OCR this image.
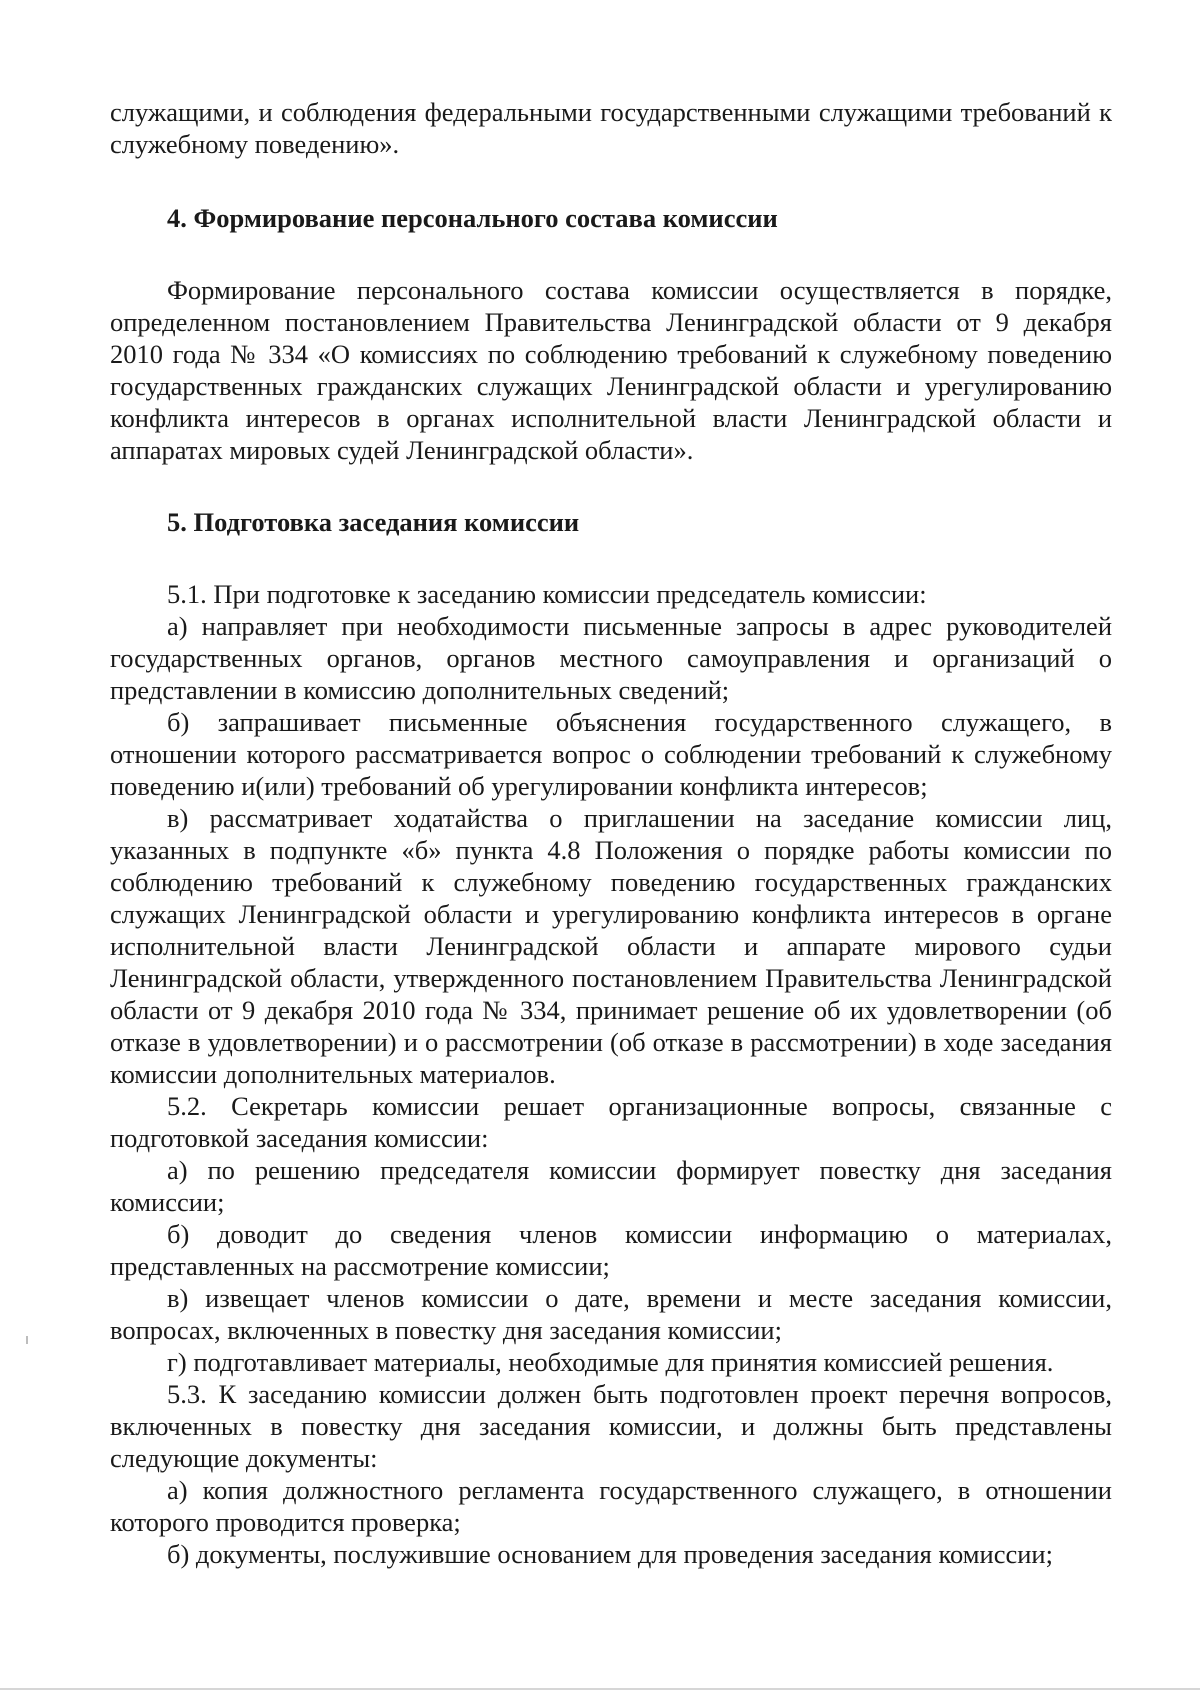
служащими, и соблюдения федеральными государственными служащими требований к служебному поведению».

4. Формирование персонального состава комиссии

Формирование персонального состава комиссии осуществляется в порядке, определенном постановлением Правительства Ленинградской области от 9 декабря 2010 года № 334 «О комиссиях по соблюдению требований к служебному поведению государственных гражданских служащих Ленинградской области и урегулированию конфликта интересов в органах исполнительной власти Ленинградской области и аппаратах мировых судей Ленинградской области».

5. Подготовка заседания комиссии

5.1. При подготовке к заседанию комиссии председатель комиссии:

а) направляет при необходимости письменные запросы в адрес руководителей государственных органов, органов местного самоуправления и организаций о представлении в комиссию дополнительных сведений;

б) запрашивает письменные объяснения государственного служащего, в отношении которого рассматривается вопрос о соблюдении требований к служебному поведению и(или) требований об урегулировании конфликта интересов;

в) рассматривает ходатайства о приглашении на заседание комиссии лиц, указанных в подпункте «б» пункта 4.8 Положения о порядке работы комиссии по соблюдению требований к служебному поведению государственных гражданских служащих Ленинградской области и урегулированию конфликта интересов в органе исполнительной власти Ленинградской области и аппарате мирового судьи Ленинградской области, утвержденного постановлением Правительства Ленинградской области от 9 декабря 2010 года № 334, принимает решение об их удовлетворении (об отказе в удовлетворении) и о рассмотрении (об отказе в рассмотрении) в ходе заседания комиссии дополнительных материалов.

5.2. Секретарь комиссии решает организационные вопросы, связанные с подготовкой заседания комиссии:

а) по решению председателя комиссии формирует повестку дня заседания комиссии;

б) доводит до сведения членов комиссии информацию о материалах, представленных на рассмотрение комиссии;

в) извещает членов комиссии о дате, времени и месте заседания комиссии, вопросах, включенных в повестку дня заседания комиссии;

г) подготавливает материалы, необходимые для принятия комиссией решения.

5.3. К заседанию комиссии должен быть подготовлен проект перечня вопросов, включенных в повестку дня заседания комиссии, и должны быть представлены следующие документы:

а) копия должностного регламента государственного служащего, в отношении которого проводится проверка;

б) документы, послужившие основанием для проведения заседания комиссии;
